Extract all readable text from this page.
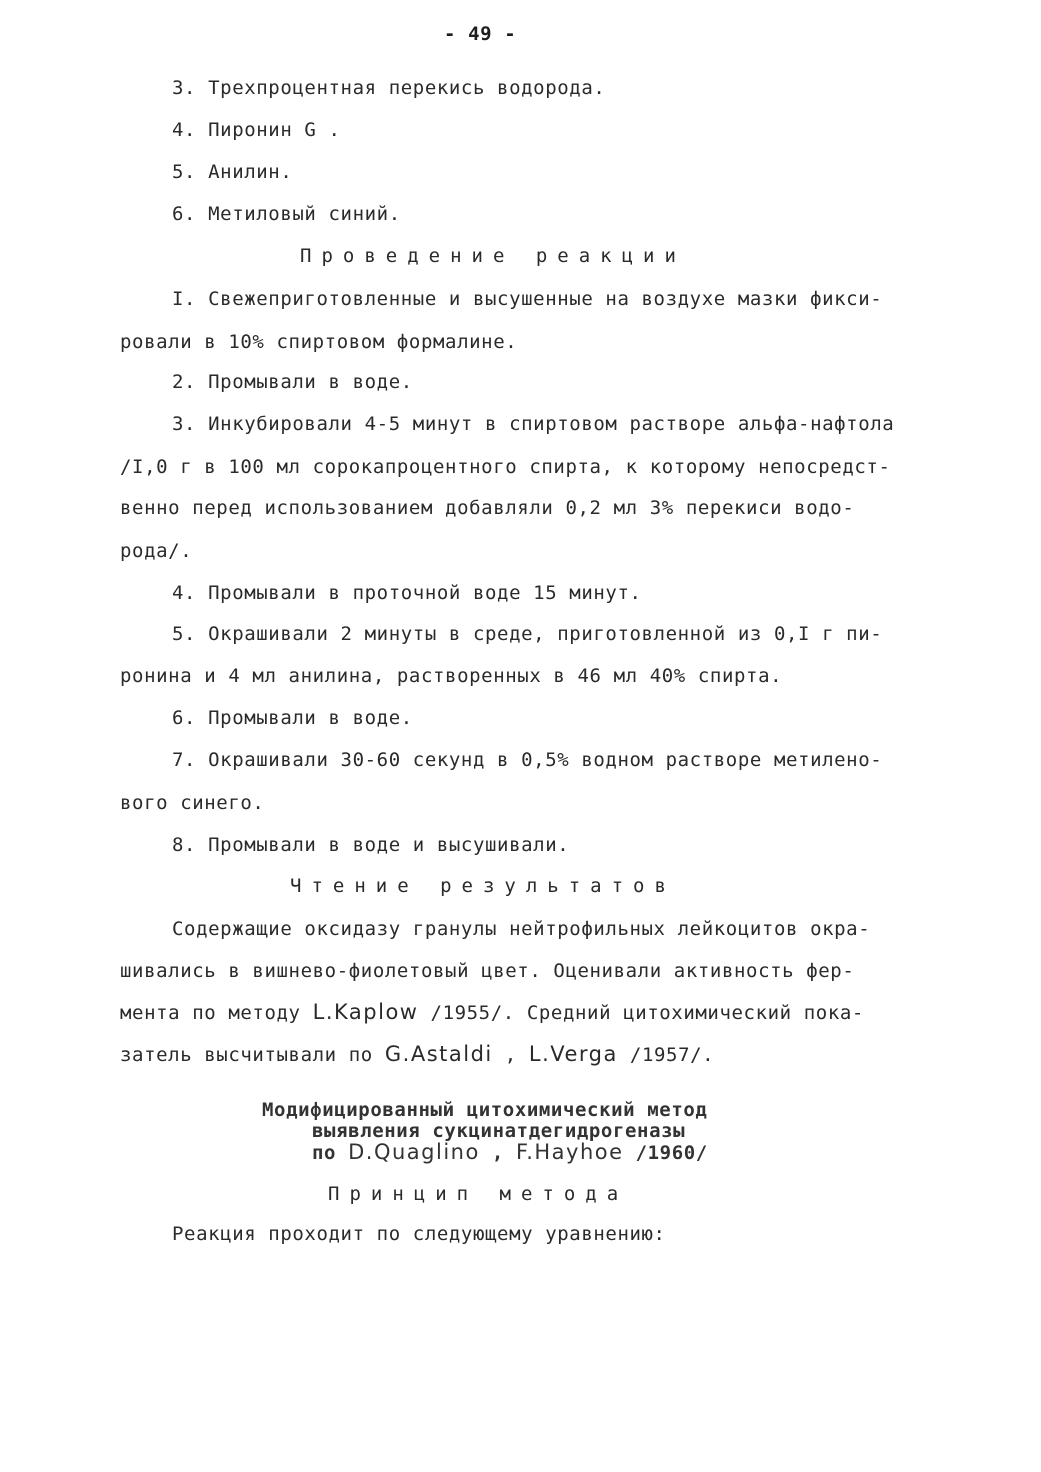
- 49 -
3. Трехпроцентная перекись водорода.
4. Пиронин G .
5. Анилин.
6. Метиловый синий.
Проведение реакции
I. Свежеприготовленные и высушенные на воздухе мазки фикси-
ровали в 10% спиртовом формалине.
2. Промывали в воде.
3. Инкубировали 4-5 минут в спиртовом растворе альфа-нафтола
/I,0 г в 100 мл сорокапроцентного спирта, к которому непосредст-
венно перед использованием добавляли 0,2 мл 3% перекиси водо-
рода/.
4. Промывали в проточной воде 15 минут.
5. Окрашивали 2 минуты в среде, приготовленной из 0,I г пи-
ронина и 4 мл анилина, растворенных в 46 мл 40% спирта.
6. Промывали в воде.
7. Окрашивали 30-60 секунд в 0,5% водном растворе метилено-
вого синего.
8. Промывали в воде и высушивали.
Чтение результатов
Содержащие оксидазу гранулы нейтрофильных лейкоцитов окра-
шивались в вишнево-фиолетовый цвет. Оценивали активность фер-
мента по методу L.Kaplow /1955/. Средний цитохимический пока-
затель высчитывали по G.Astaldi , L.Verga /1957/.
Модифицированный цитохимический метод
выявления сукцинатдегидрогеназы
по D.Quaglino , F.Hayhoe /1960/
Принцип метода
Реакция проходит по следующему уравнению:
